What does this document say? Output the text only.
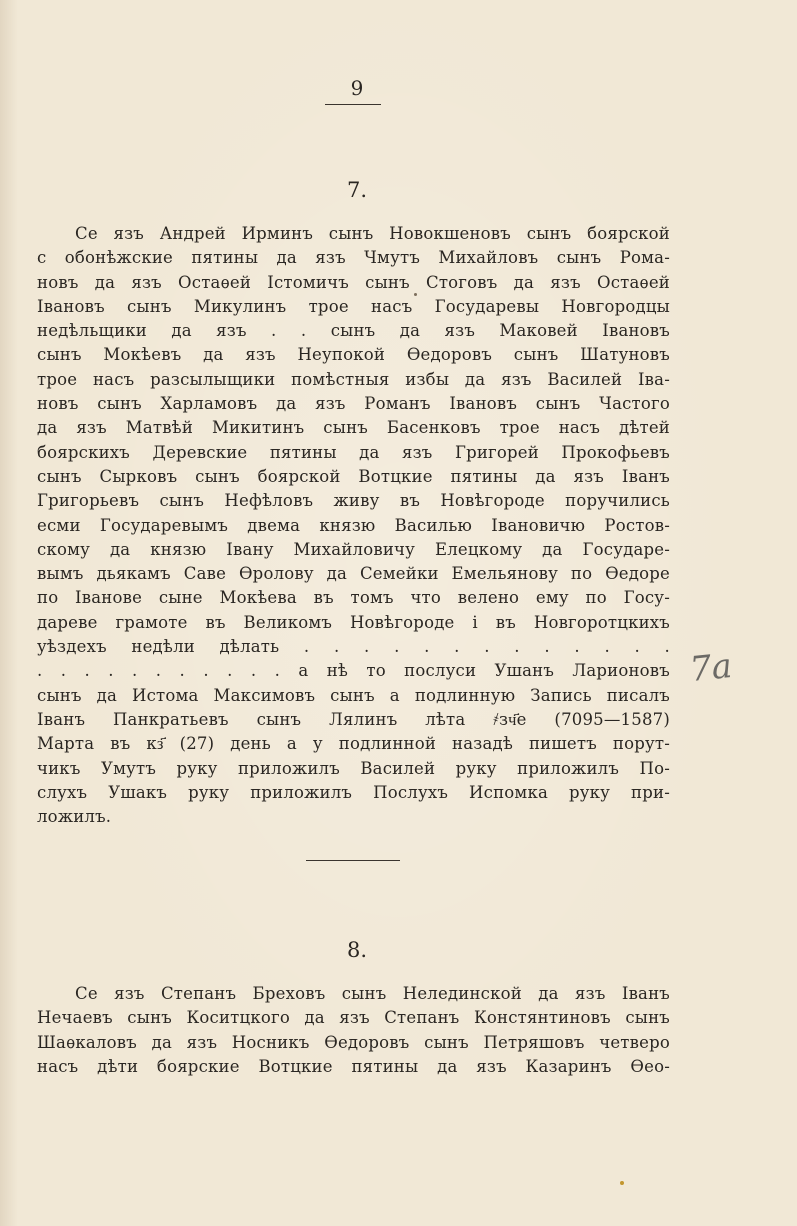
9
7.
Се язъ Андрей Ирминъ сынъ Новокшеновъ сынъ боярской
с обонѣжские пятины да язъ Чмутъ Михайловъ сынъ Рома-
новъ да язъ Остаѳей Істомичъ сынъ Стоговъ да язъ Остаѳей
Івановъ сынъ Микулинъ трое насъ Государевы Новгородцы
недѣльщики да язъ . . сынъ да язъ Маковей Івановъ
сынъ Мокѣевъ да язъ Неупокой Ѳедоровъ сынъ Шатуновъ
трое насъ разсылыщики помѣстныя избы да язъ Василей Іва-
новъ сынъ Харламовъ да язъ Романъ Івановъ сынъ Частого
да язъ Матвѣй Микитинъ сынъ Басенковъ трое насъ дѣтей
боярскихъ Деревские пятины да язъ Григорей Прокофьевъ
сынъ Сырковъ сынъ боярской Вотцкие пятины да язъ Іванъ
Григорьевъ сынъ Нефѣловъ живу въ Новѣгороде поручились
есми Государевымъ двема князю Василью Івановичю Ростов-
скому да князю Івану Михайловичу Елецкому да Государе-
вымъ дьякамъ Саве Ѳролову да Семейки Емельянову по Ѳедоре
по Іванове сыне Мокѣева въ томъ что велено ему по Госу-
дареве грамоте въ Великомъ Новѣгороде і въ Новгоротцкихъ
уѣздехъ недѣли дѣлать . . . . . . . . . . . . .
. . . . . . . . . . . а нѣ то послуси Ушанъ Ларионовъ
сынъ да Истома Максимовъ сынъ а подлинную Запись писалъ
Іванъ Панкратьевъ сынъ Лялинъ лѣта ҂зч҃е (7095—1587)
Марта въ кз҃ (27) день а у подлинной назадѣ пишетъ порут-
чикъ Умутъ руку приложилъ Василей руку приложилъ По-
слухъ Ушакъ руку приложилъ Послухъ Испомка руку при-
ложилъ.
7а
8.
Се язъ Степанъ Бреховъ сынъ Нелединской да язъ Іванъ
Нечаевъ сынъ Коситцкого да язъ Степанъ Констянтиновъ сынъ
Шаѳкаловъ да язъ Носникъ Ѳедоровъ сынъ Петряшовъ четверо
насъ дѣти боярские Вотцкие пятины да язъ Казаринъ Ѳео-
